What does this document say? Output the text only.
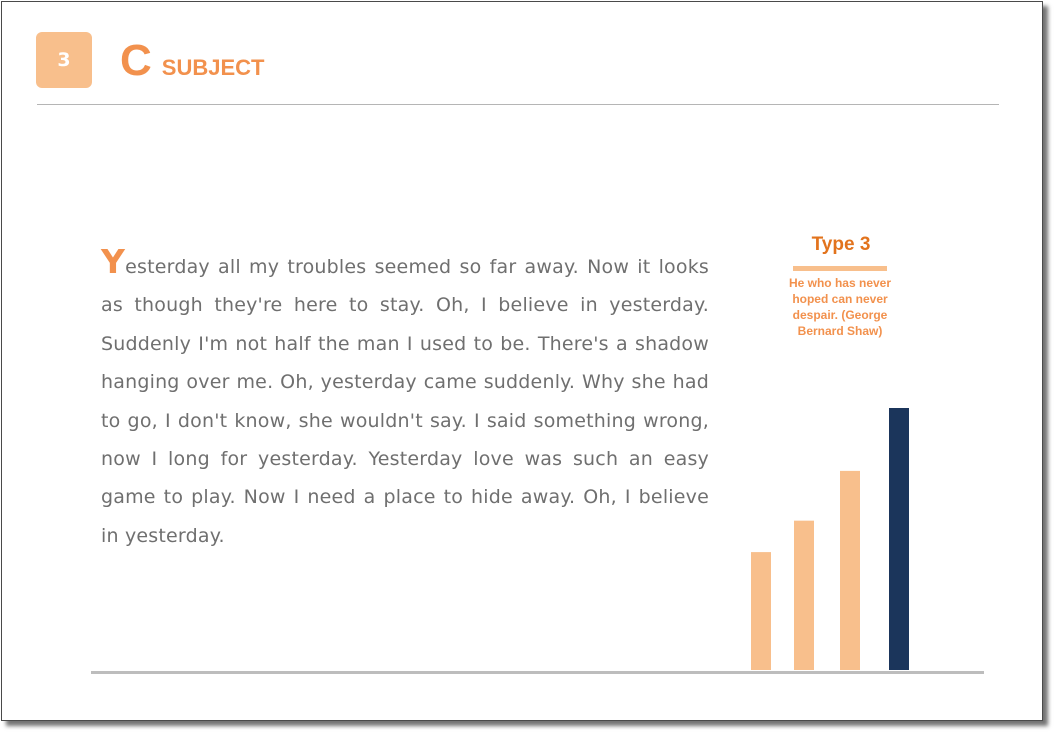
3 C SUBJECT
Yesterday all my troubles seemed so far away. Now it looks as though they're here to stay. Oh, I believe in yesterday. Suddenly I'm not half the man I used to be. There's a shadow hanging over me. Oh, yesterday came suddenly. Why she had to go, I don't know, she wouldn't say. I said something wrong, now I long for yesterday. Yesterday love was such an easy game to play. Now I need a place to hide away. Oh, I believe in yesterday.
Type 3
He who has never hoped can never despair. (George Bernard Shaw)
